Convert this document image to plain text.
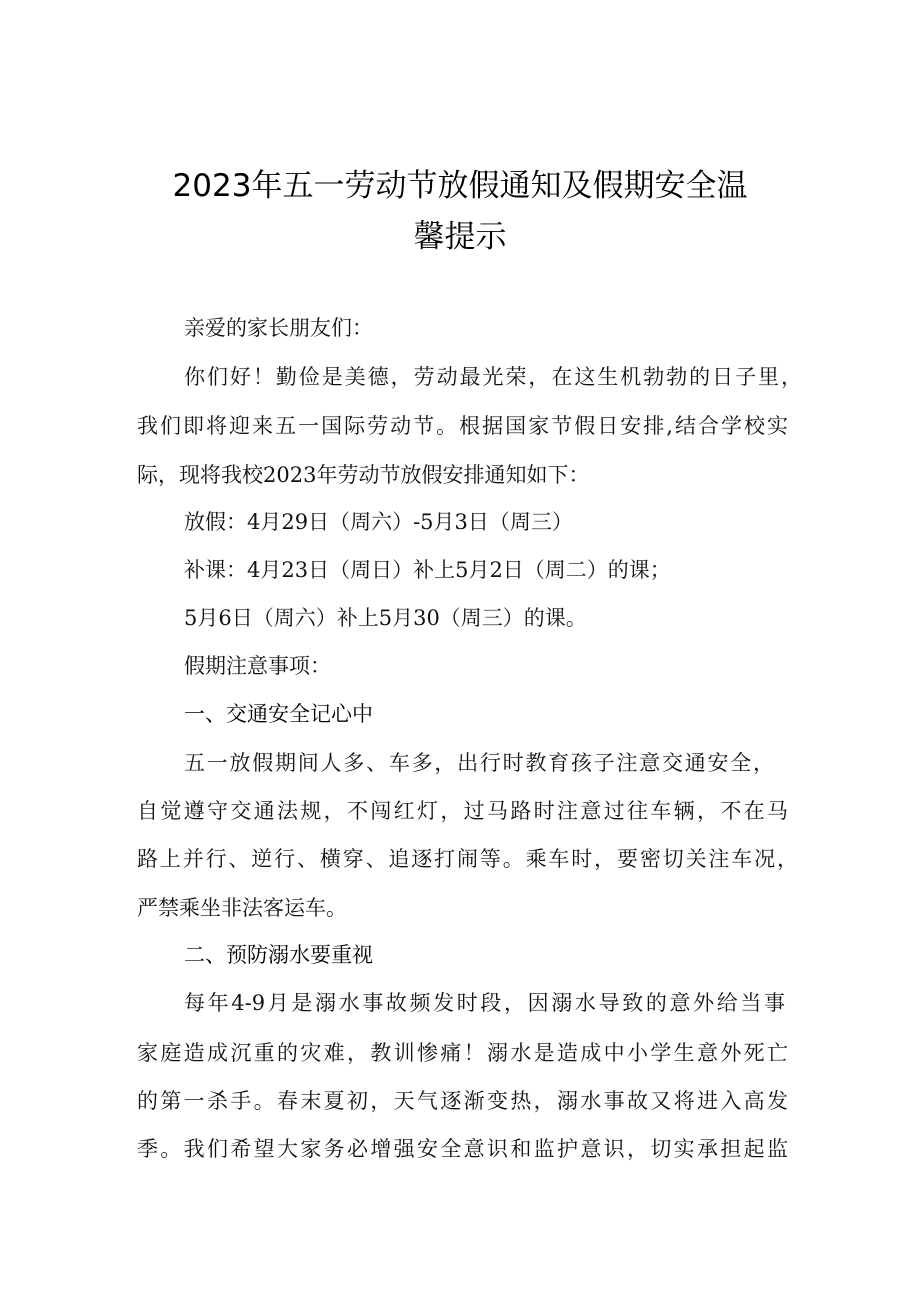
2023年五一劳动节放假通知及假期安全温
馨提示
亲爱的家长朋友们：
你们好！勤俭是美德，劳动最光荣，在这生机勃勃的日子里，
我们即将迎来五一国际劳动节。根据国家节假日安排,结合学校实
际，现将我校2023年劳动节放假安排通知如下：
放假：4月29日（周六）-5月3日（周三）
补课：4月23日（周日）补上5月2日（周二）的课；
5月6日（周六）补上5月30（周三）的课。
假期注意事项：
一、交通安全记心中
五一放假期间人多、车多，出行时教育孩子注意交通安全，
自觉遵守交通法规，不闯红灯，过马路时注意过往车辆，不在马
路上并行、逆行、横穿、追逐打闹等。乘车时，要密切关注车况，
严禁乘坐非法客运车。
二、预防溺水要重视
每年4-9月是溺水事故频发时段，因溺水导致的意外给当事
家庭造成沉重的灾难，教训惨痛！溺水是造成中小学生意外死亡
的第一杀手。春末夏初，天气逐渐变热，溺水事故又将进入高发
季。我们希望大家务必增强安全意识和监护意识，切实承担起监
